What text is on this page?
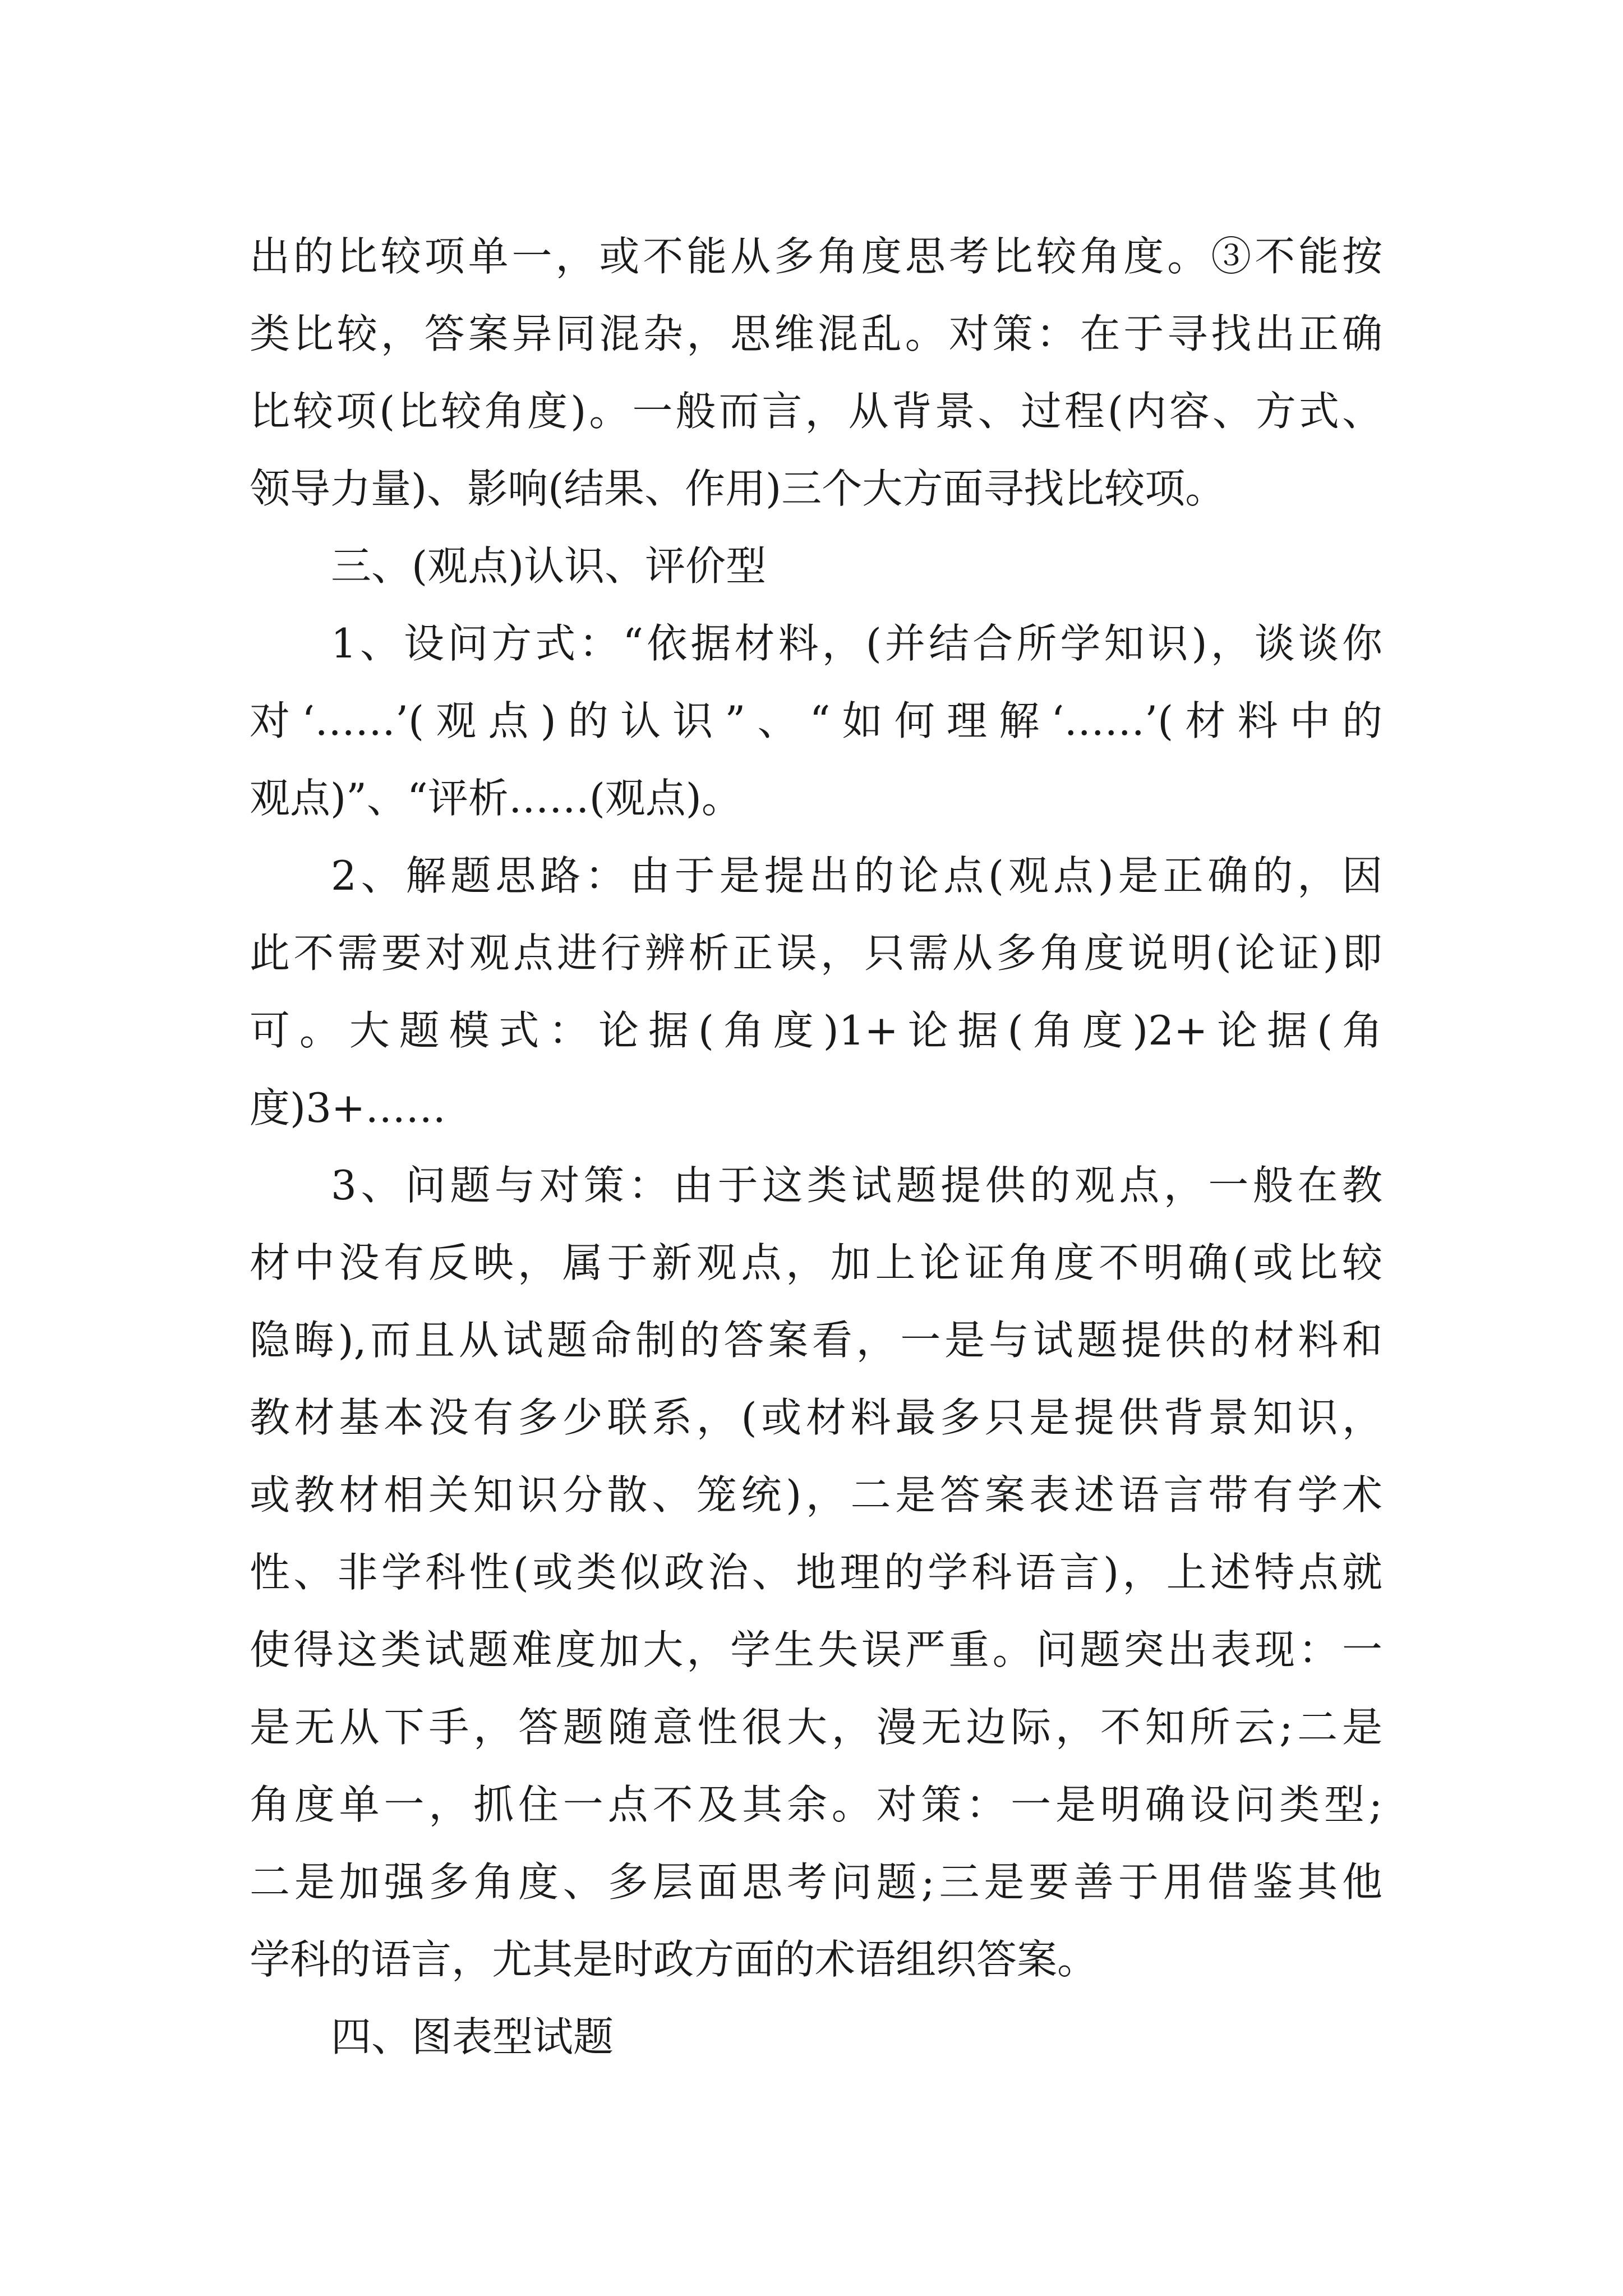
出的比较项单一，或不能从多角度思考比较角度。③不能按
类比较，答案异同混杂，思维混乱。对策：在于寻找出正确
比较项(比较角度)。一般而言，从背景、过程(内容、方式、
领导力量)、影响(结果、作用)三个大方面寻找比较项。
三、(观点)认识、评价型
1、设问方式：“依据材料，(并结合所学知识)，谈谈你
对‘……’(观点)的认识”、“如何理解‘……’(材料中的
观点)”、“评析……(观点)。
2、解题思路：由于是提出的论点(观点)是正确的，因
此不需要对观点进行辨析正误，只需从多角度说明(论证)即
可。大题模式：论据(角度)1+论据(角度)2+论据(角
度)3+……
3、问题与对策：由于这类试题提供的观点，一般在教
材中没有反映，属于新观点，加上论证角度不明确(或比较
隐晦),而且从试题命制的答案看，一是与试题提供的材料和
教材基本没有多少联系，(或材料最多只是提供背景知识，
或教材相关知识分散、笼统)，二是答案表述语言带有学术
性、非学科性(或类似政治、地理的学科语言)，上述特点就
使得这类试题难度加大，学生失误严重。问题突出表现：一
是无从下手，答题随意性很大，漫无边际，不知所云;二是
角度单一，抓住一点不及其余。对策：一是明确设问类型;
二是加强多角度、多层面思考问题;三是要善于用借鉴其他
学科的语言，尤其是时政方面的术语组织答案。
四、图表型试题
